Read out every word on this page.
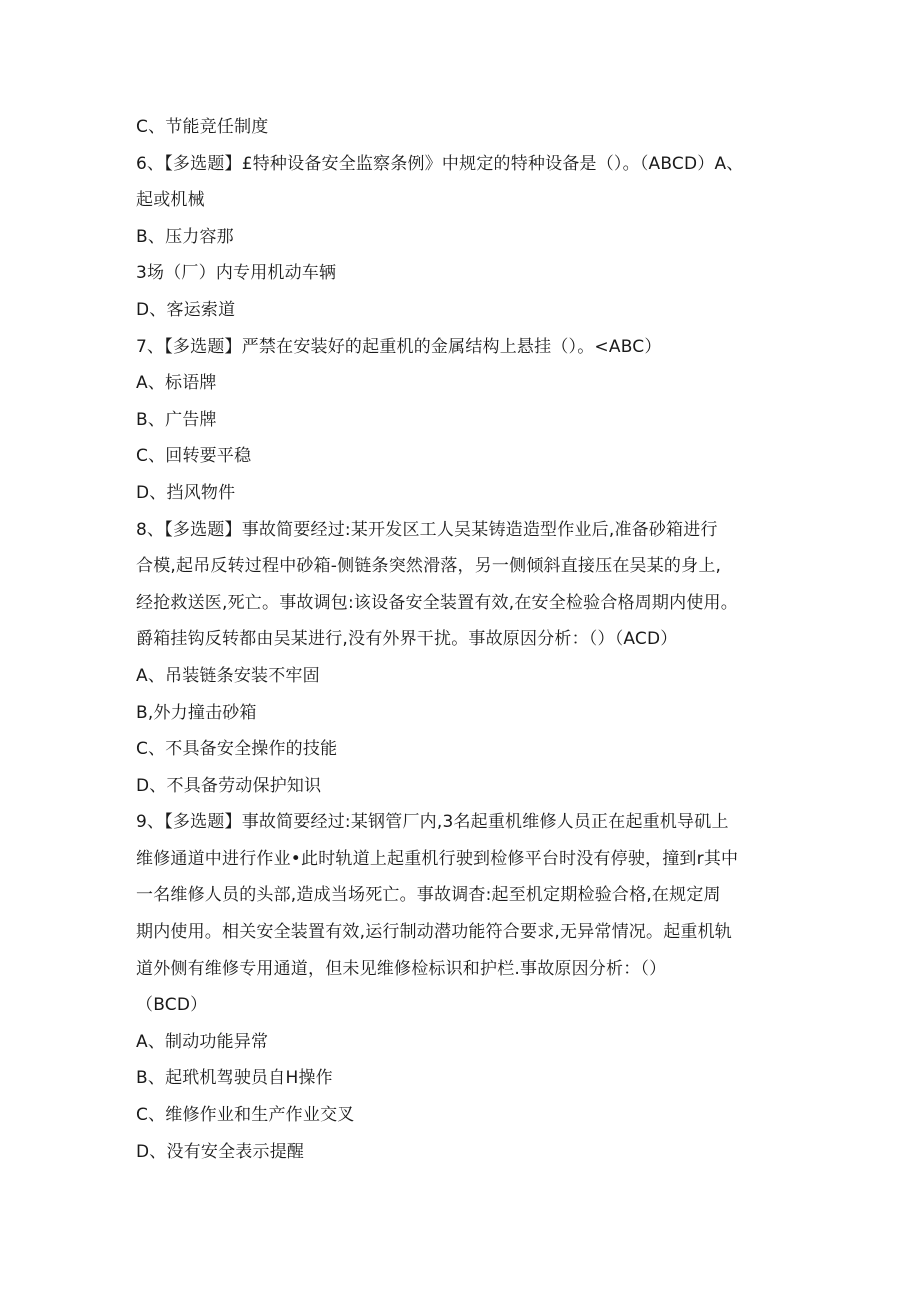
C、节能竞任制度
6、【多选题】£特种设备安全监察条例》中规定的特种设备是（）。（ABCD）A、
起或机械
B、压力容那
3场（厂）内专用机动车辆
D、客运索道
7、【多选题】严禁在安装好的起重机的金属结构上悬挂（）。<ABC）
A、标语牌
B、广告牌
C、回转要平稳
D、挡风物件
8、【多选题】事故简要经过:某开发区工人吴某铸造造型作业后,准备砂箱进行
合模,起吊反转过程中砂箱-侧链条突然滑落，另一侧倾斜直接压在吴某的身上,
经抢救送医,死亡。事故调包:该设备安全装置有效,在安全检验合格周期内使用。
爵箱挂钩反转都由吴某进行,没有外界干扰。事故原因分析：（）（ACD）
A、吊装链条安装不牢固
B,外力撞击砂箱
C、不具备安全操作的技能
D、不具备劳动保护知识
9、【多选题】事故简要经过:某钢管厂内,3名起重机维修人员正在起重机导矶上
维修通道中进行作业•此时轨道上起重机行驶到检修平台时没有停驶，撞到r其中
一名维修人员的头部,造成当场死亡。事故调杳:起至机定期检验合格,在规定周
期内使用。相关安全装置有效,运行制动潜功能符合要求,无异常情况。起重机轨
道外侧有维修专用通道，但未见维修检标识和护栏.事故原因分析：（）
（BCD）
A、制动功能异常
B、起玳机驾驶员自H操作
C、维修作业和生产作业交叉
D、没有安全表示提醒
